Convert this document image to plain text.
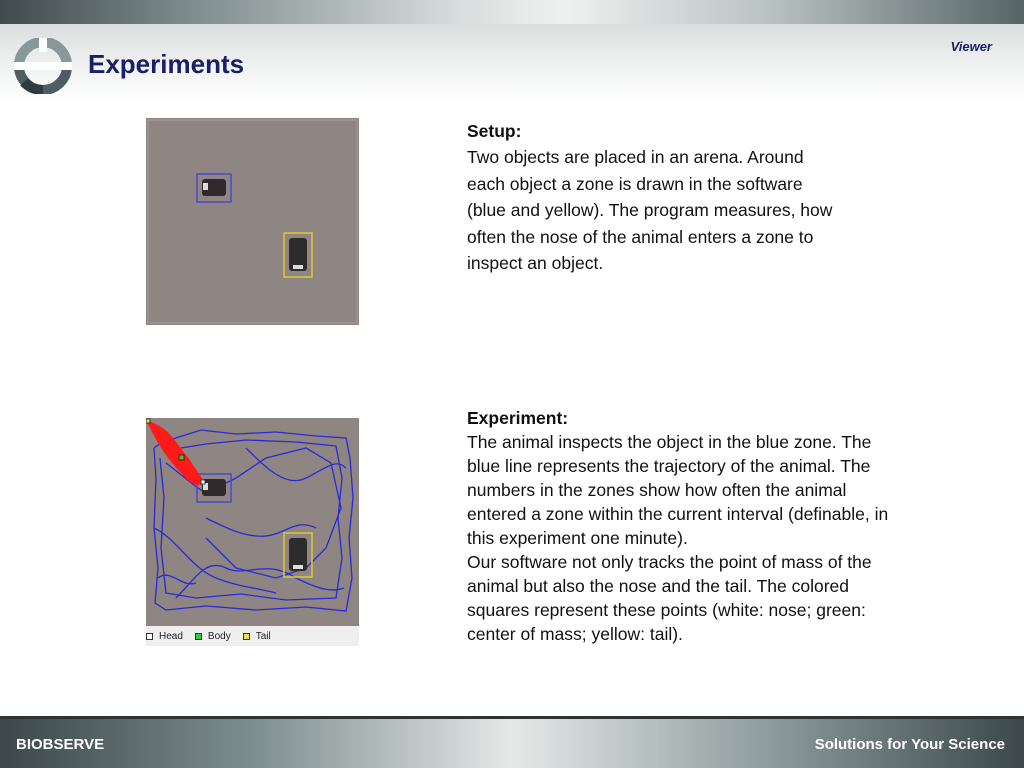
Experiments
Viewer
Head	Body	Tail
Setup:
Two objects are placed in an arena. Around
each object a zone is drawn in the software
(blue and yellow). The program measures, how
often the nose of the animal enters a zone to
inspect an object.
Experiment:
The animal inspects the object in the blue zone. The
blue line represents the trajectory of the animal. The
numbers in the zones show how often the animal
entered a zone within the current interval (definable, in
this experiment one minute).
Our software not only tracks the point of mass of the
animal but also the nose and the tail. The colored
squares represent these points (white: nose; green:
center of mass; yellow: tail).
BIOBSERVE	Solutions for Your Science
